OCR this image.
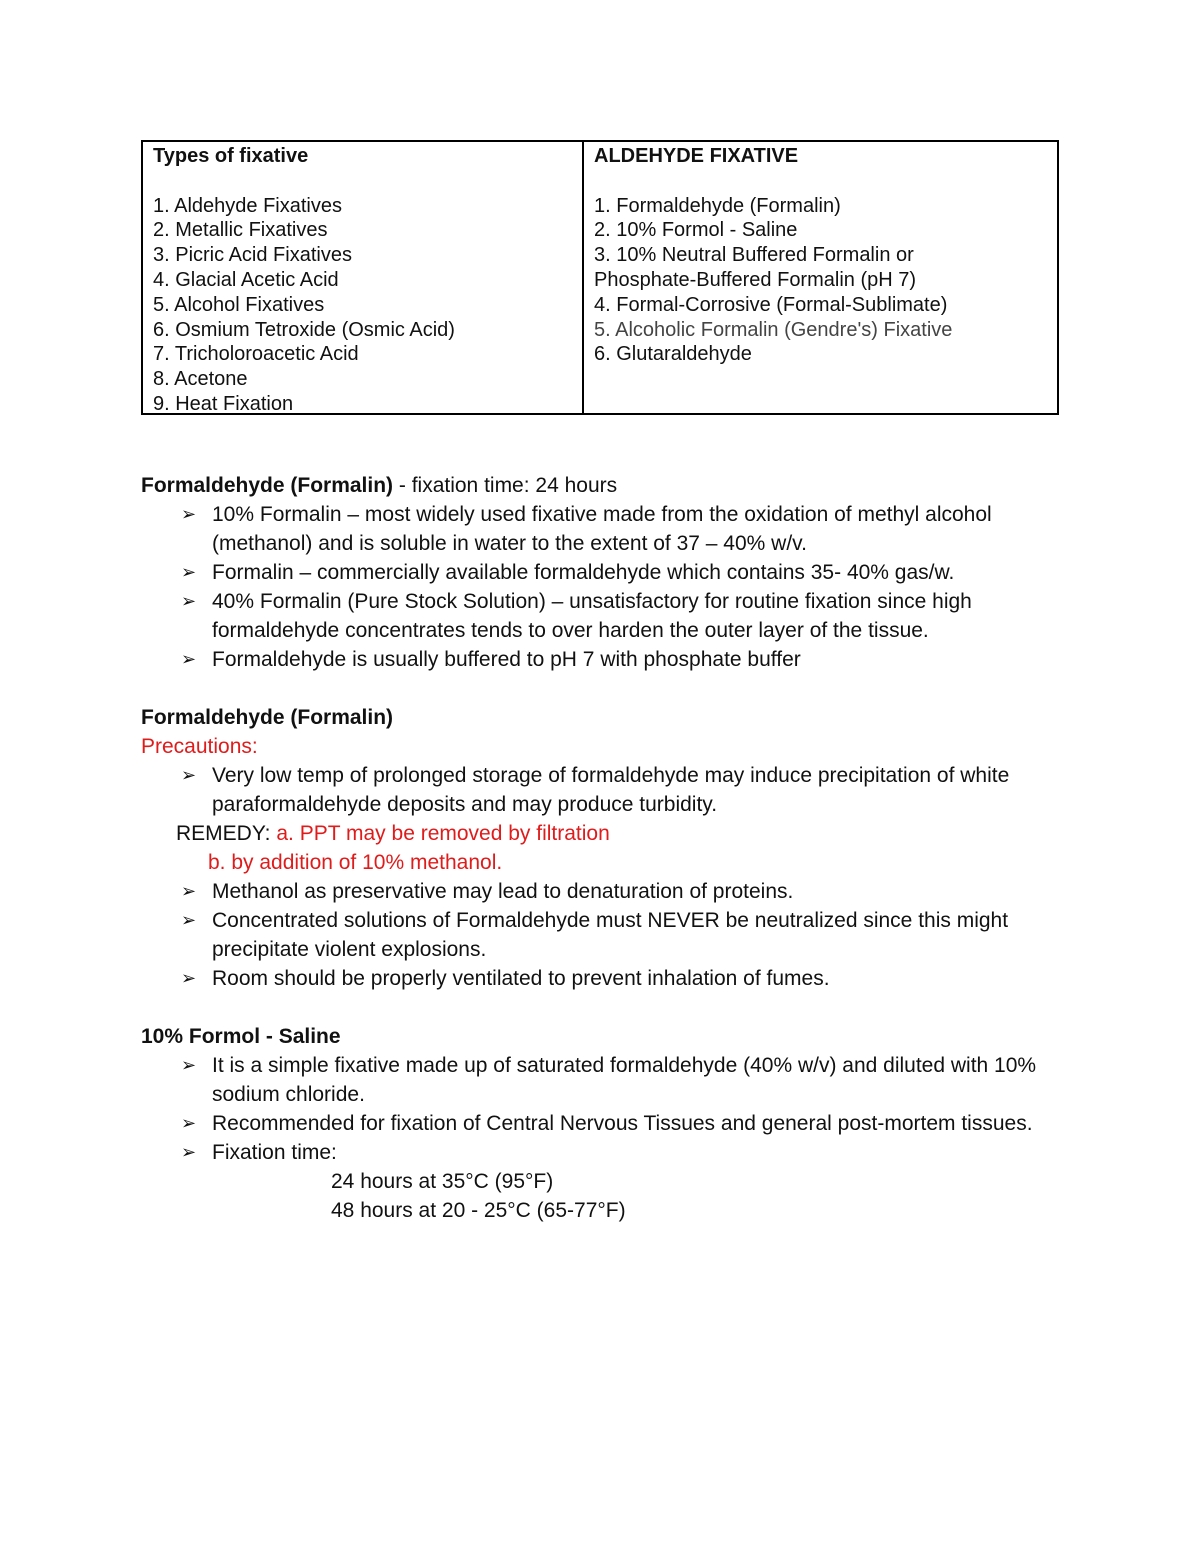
Types of fixative
1. Aldehyde Fixatives
2. Metallic Fixatives
3. Picric Acid Fixatives
4. Glacial Acetic Acid
5. Alcohol Fixatives
6. Osmium Tetroxide (Osmic Acid)
7. Tricholoroacetic Acid
8. Acetone
9. Heat Fixation
ALDEHYDE FIXATIVE
1. Formaldehyde (Formalin)
2. 10% Formol - Saline
3. 10% Neutral Buffered Formalin or
Phosphate-Buffered Formalin (pH 7)
4. Formal-Corrosive (Formal-Sublimate)
5. Alcoholic Formalin (Gendre's) Fixative
6. Glutaraldehyde
Formaldehyde (Formalin) - fixation time: 24 hours
➢ 10% Formalin – most widely used fixative made from the oxidation of methyl alcohol (methanol) and is soluble in water to the extent of 37 – 40% w/v.
➢ Formalin – commercially available formaldehyde which contains 35- 40% gas/w.
➢ 40% Formalin (Pure Stock Solution) – unsatisfactory for routine fixation since high formaldehyde concentrates tends to over harden the outer layer of the tissue.
➢ Formaldehyde is usually buffered to pH 7 with phosphate buffer
Formaldehyde (Formalin)
Precautions:
➢ Very low temp of prolonged storage of formaldehyde may induce precipitation of white paraformaldehyde deposits and may produce turbidity.
REMEDY: a. PPT may be removed by filtration
b. by addition of 10% methanol.
➢ Methanol as preservative may lead to denaturation of proteins.
➢ Concentrated solutions of Formaldehyde must NEVER be neutralized since this might precipitate violent explosions.
➢ Room should be properly ventilated to prevent inhalation of fumes.
10% Formol - Saline
➢ It is a simple fixative made up of saturated formaldehyde (40% w/v) and diluted with 10% sodium chloride.
➢ Recommended for fixation of Central Nervous Tissues and general post-mortem tissues.
➢ Fixation time:
24 hours at 35°C (95°F)
48 hours at 20 - 25°C (65-77°F)
